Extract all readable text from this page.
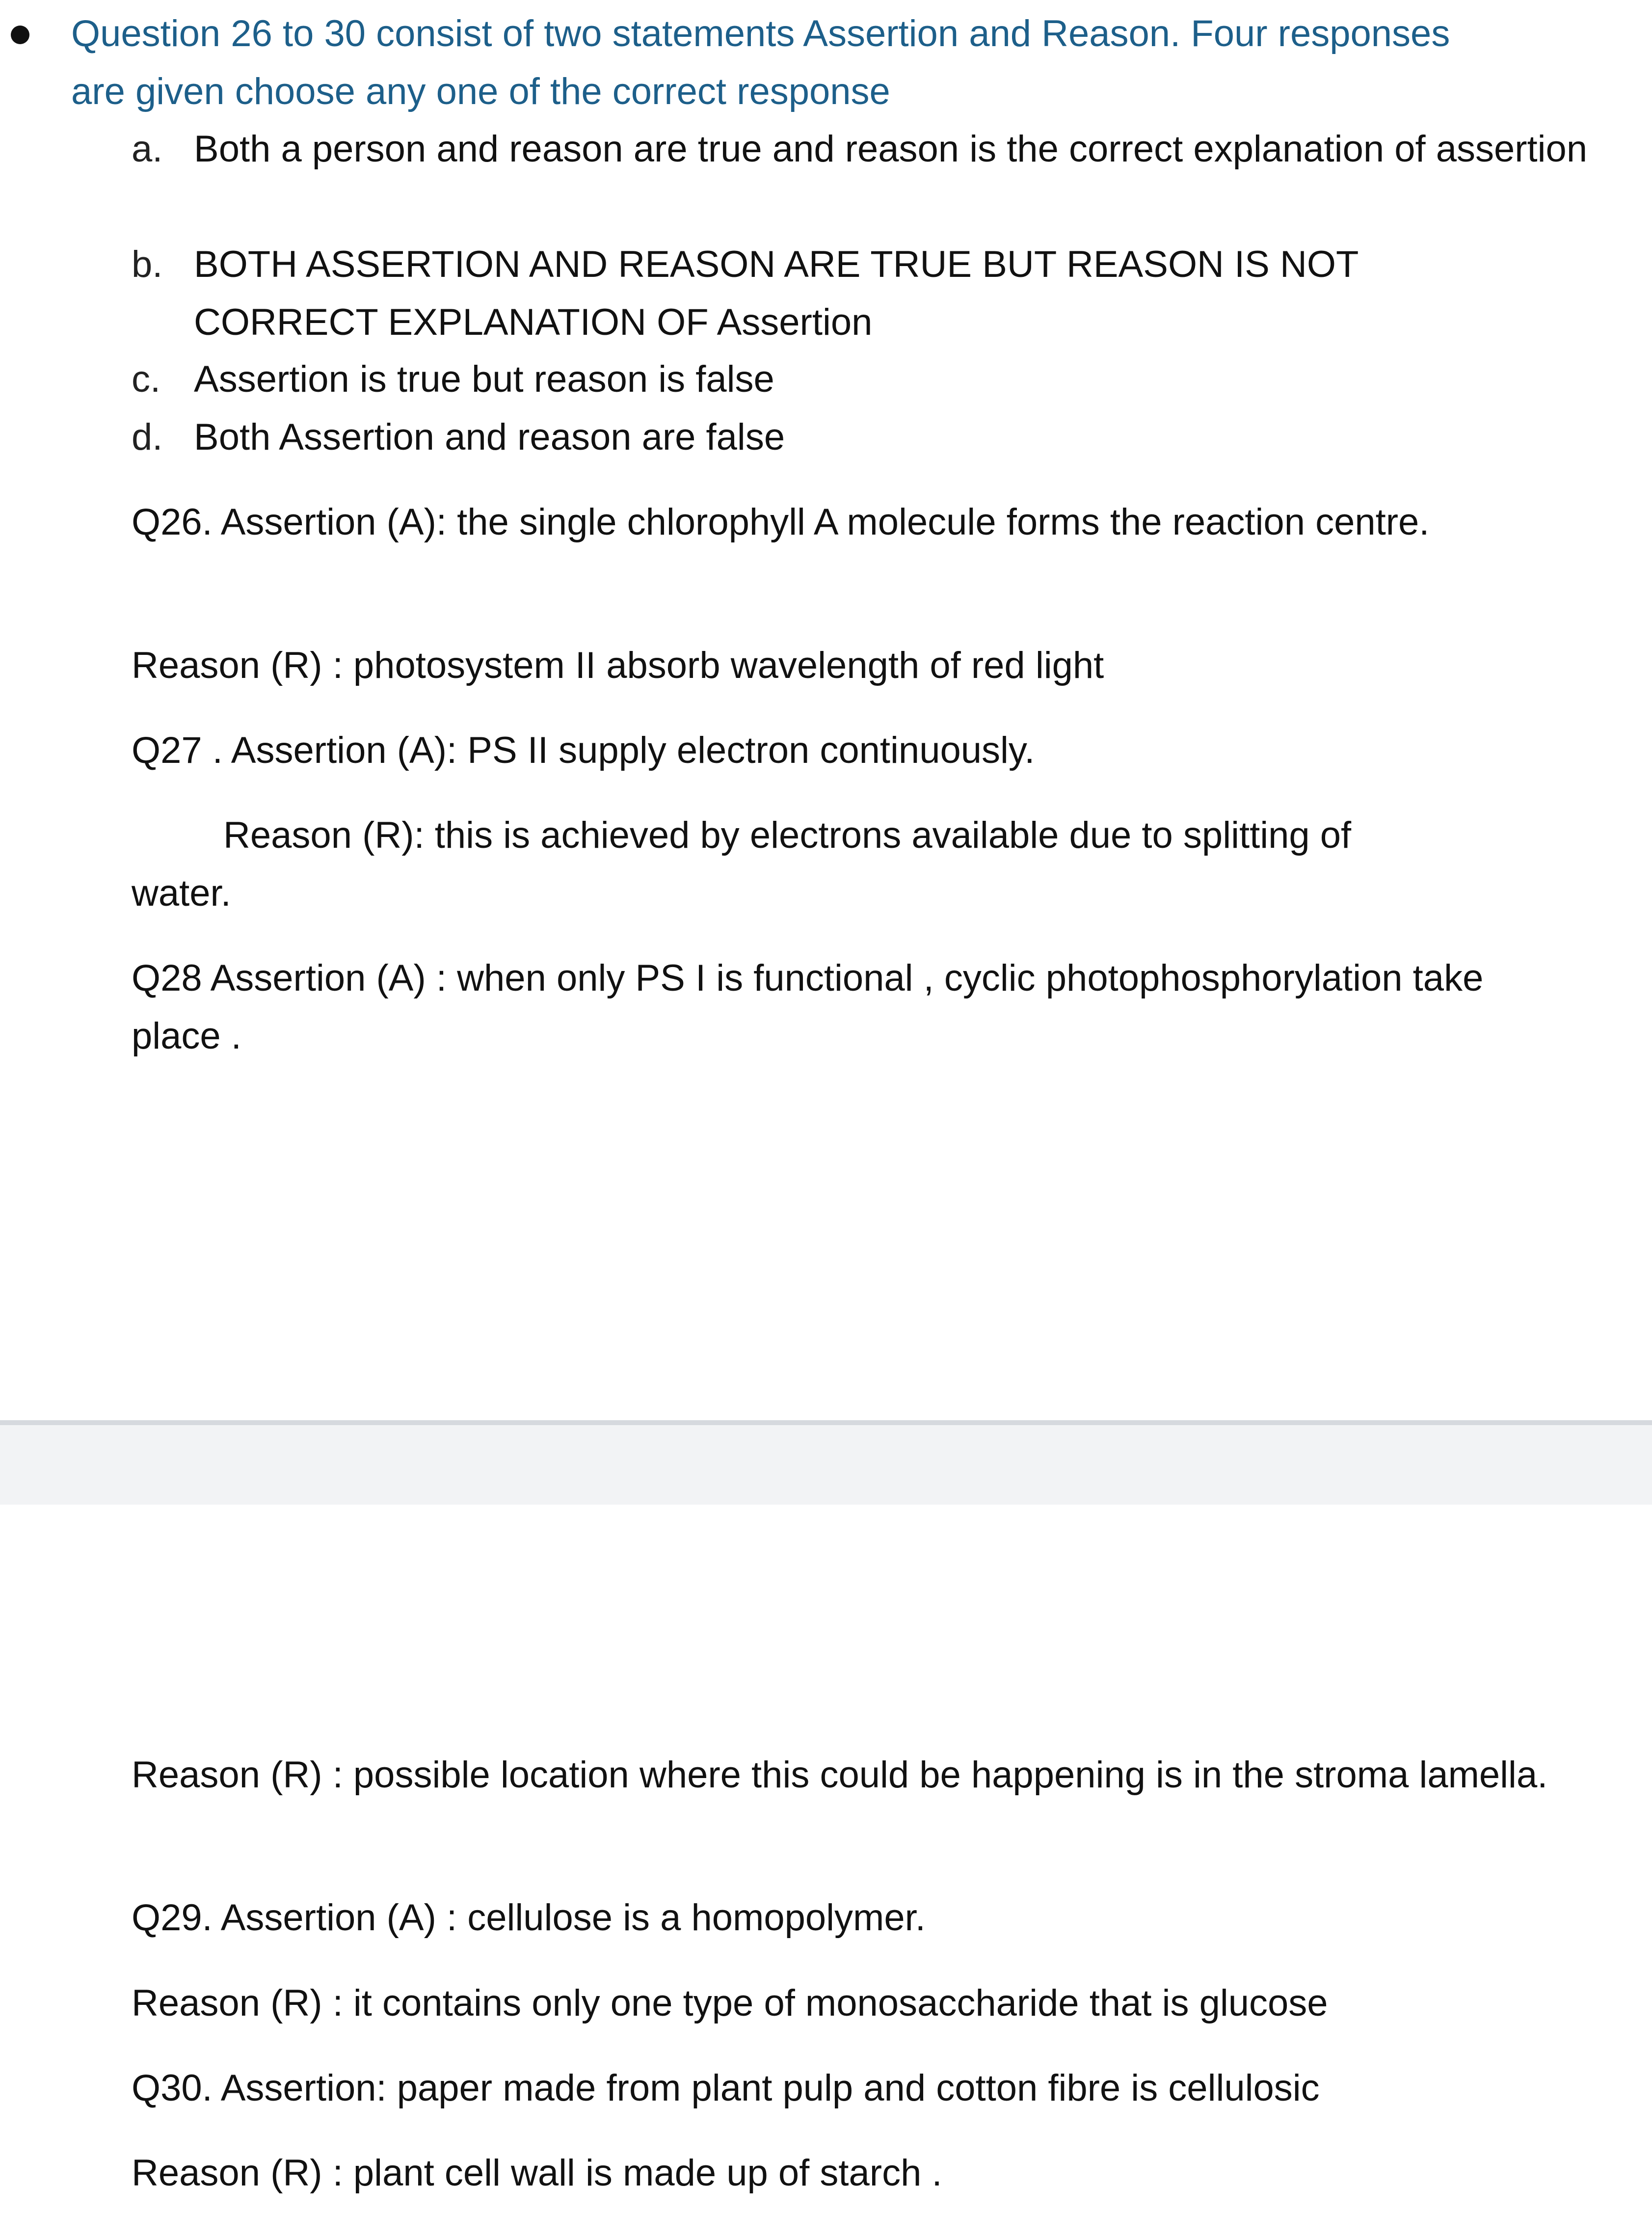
Question 26 to 30 consist of two statements Assertion and Reason. Four responses are given choose any one of the correct response

a. Both a person and reason are true and reason is the correct explanation of assertion

b. BOTH ASSERTION AND REASON ARE TRUE BUT REASON IS NOT CORRECT EXPLANATION OF Assertion

c. Assertion is true but reason is false

d. Both Assertion and reason are false

Q26. Assertion (A): the single chlorophyll A molecule forms the reaction centre.

Reason (R) : photosystem II absorb wavelength of red light

Q27 . Assertion (A): PS II supply electron continuously.

Reason (R): this is achieved by electrons available due to splitting of

water.

Q28 Assertion (A) : when only PS I is functional , cyclic photophosphorylation take place .

Reason (R) : possible location where this could be happening is in the stroma lamella.

Q29. Assertion (A) : cellulose is a homopolymer.

Reason (R) : it contains only one type of monosaccharide that is glucose

Q30. Assertion: paper made from plant pulp and cotton fibre is cellulosic

Reason (R) : plant cell wall is made up of starch .
